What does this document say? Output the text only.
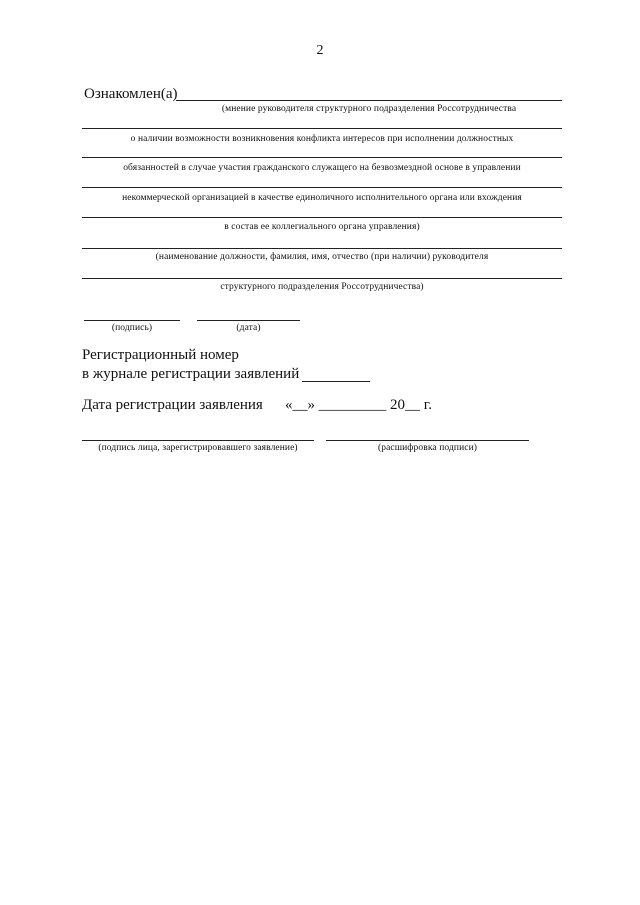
2
Ознакомлен(а)
(мнение руководителя структурного подразделения Россотрудничества
о наличии возможности возникновения конфликта интересов при исполнении должностных
обязанностей в случае участия гражданского служащего на безвозмездной основе в управлении
некоммерческой организацией в качестве единоличного исполнительного органа или вхождения
в состав ее коллегиального органа управления)
(наименование должности, фамилия, имя, отчество (при наличии) руководителя
структурного подразделения Россотрудничества)
(подпись)	(дата)
Регистрационный номер
в журнале регистрации заявлений
Дата регистрации заявления «__» _________ 20__ г.
(подпись лица, зарегистрировавшего заявление)	(расшифровка подписи)
